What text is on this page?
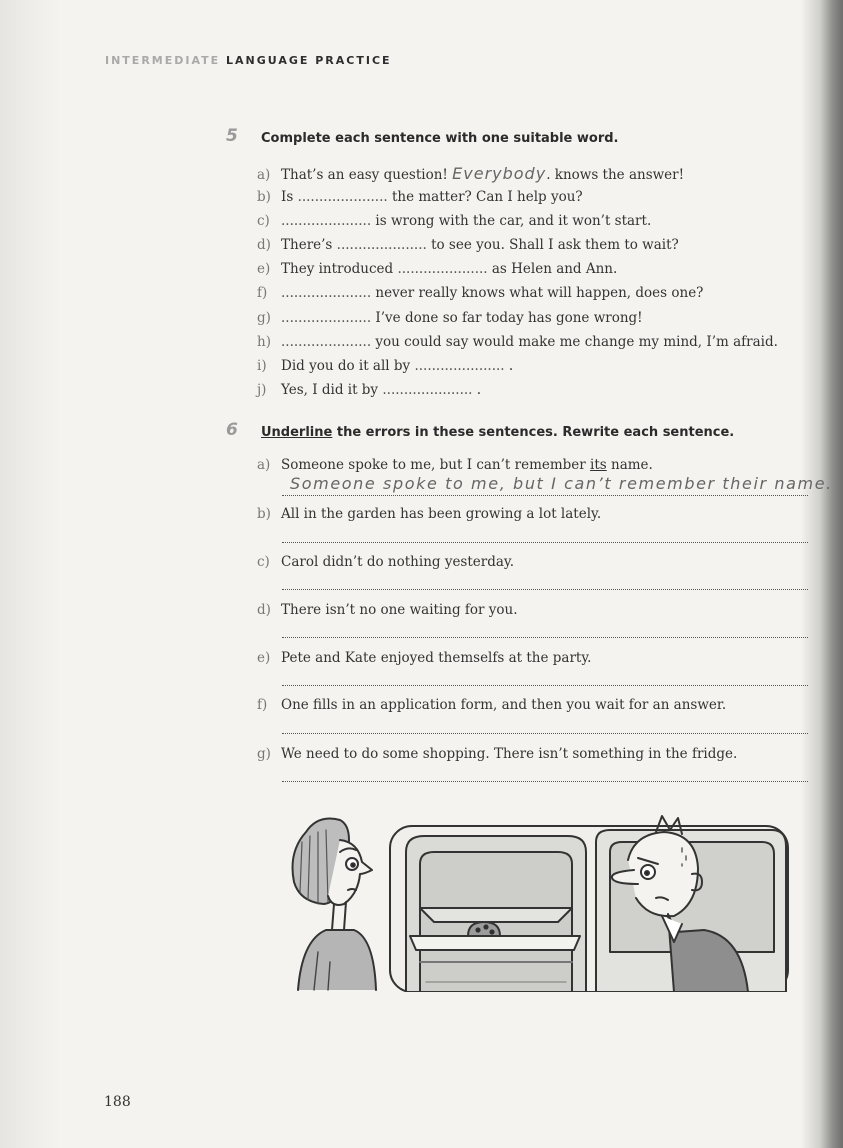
INTERMEDIATE LANGUAGE PRACTICE
5 Complete each sentence with one suitable word.
a) That’s an easy question! Everybody. knows the answer!
b) Is ..................... the matter? Can I help you?
c) ..................... is wrong with the car, and it won’t start.
d) There’s ..................... to see you. Shall I ask them to wait?
e) They introduced ..................... as Helen and Ann.
f) ..................... never really knows what will happen, does one?
g) ..................... I’ve done so far today has gone wrong!
h) ..................... you could say would make me change my mind, I’m afraid.
i) Did you do it all by ..................... .
j) Yes, I did it by ..................... .
6 Underline the errors in these sentences. Rewrite each sentence.
a) Someone spoke to me, but I can’t remember its name.
Someone spoke to me, but I can’t remember their name.
b) All in the garden has been growing a lot lately.
c) Carol didn’t do nothing yesterday.
d) There isn’t no one waiting for you.
e) Pete and Kate enjoyed themselfs at the party.
f) One fills in an application form, and then you wait for an answer.
g) We need to do some shopping. There isn’t something in the fridge.
188
